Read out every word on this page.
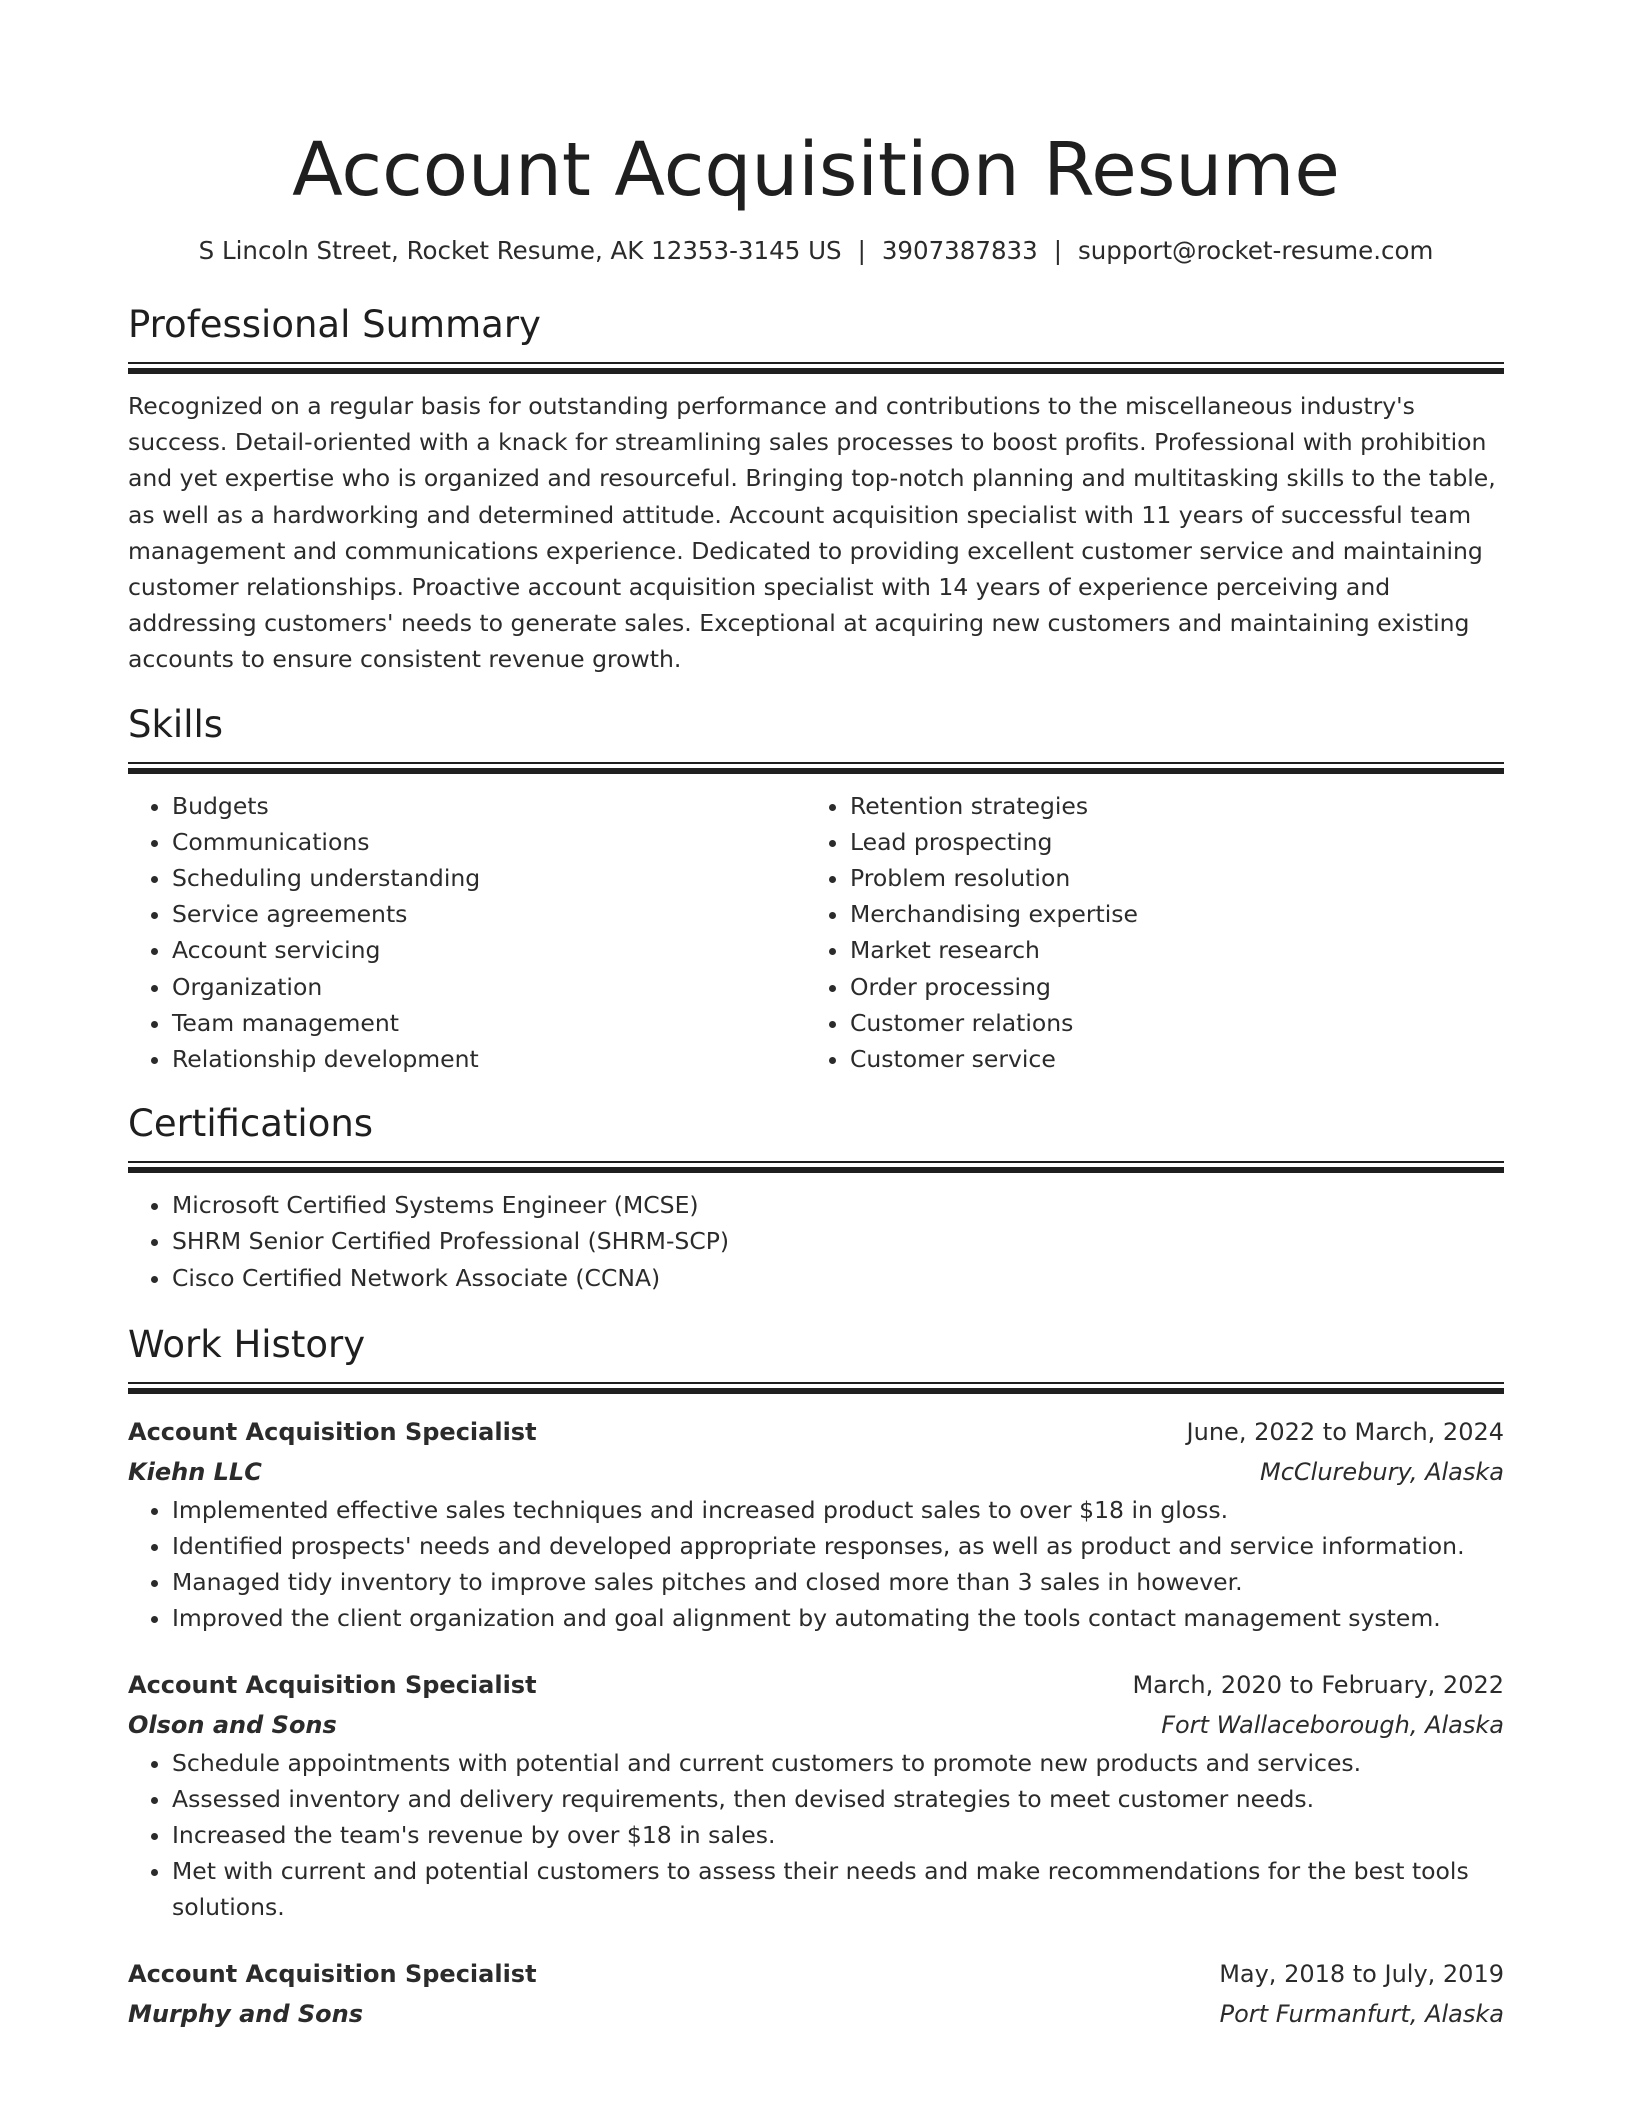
Account Acquisition Resume
S Lincoln Street, Rocket Resume, AK 12353-3145 US | 3907387833 | support@rocket-resume.com
Professional Summary
Recognized on a regular basis for outstanding performance and contributions to the miscellaneous industry's success. Detail-oriented with a knack for streamlining sales processes to boost profits. Professional with prohibition and yet expertise who is organized and resourceful. Bringing top-notch planning and multitasking skills to the table, as well as a hardworking and determined attitude. Account acquisition specialist with 11 years of successful team management and communications experience. Dedicated to providing excellent customer service and maintaining customer relationships. Proactive account acquisition specialist with 14 years of experience perceiving and addressing customers' needs to generate sales. Exceptional at acquiring new customers and maintaining existing accounts to ensure consistent revenue growth.
Skills
• Budgets
• Communications
• Scheduling understanding
• Service agreements
• Account servicing
• Organization
• Team management
• Relationship development
• Retention strategies
• Lead prospecting
• Problem resolution
• Merchandising expertise
• Market research
• Order processing
• Customer relations
• Customer service
Certifications
• Microsoft Certified Systems Engineer (MCSE)
• SHRM Senior Certified Professional (SHRM-SCP)
• Cisco Certified Network Associate (CCNA)
Work History
Account Acquisition Specialist	June, 2022 to March, 2024
Kiehn LLC	McClurebury, Alaska
• Implemented effective sales techniques and increased product sales to over $18 in gloss.
• Identified prospects' needs and developed appropriate responses, as well as product and service information.
• Managed tidy inventory to improve sales pitches and closed more than 3 sales in however.
• Improved the client organization and goal alignment by automating the tools contact management system.
Account Acquisition Specialist	March, 2020 to February, 2022
Olson and Sons	Fort Wallaceborough, Alaska
• Schedule appointments with potential and current customers to promote new products and services.
• Assessed inventory and delivery requirements, then devised strategies to meet customer needs.
• Increased the team's revenue by over $18 in sales.
• Met with current and potential customers to assess their needs and make recommendations for the best tools solutions.
Account Acquisition Specialist	May, 2018 to July, 2019
Murphy and Sons	Port Furmanfurt, Alaska
